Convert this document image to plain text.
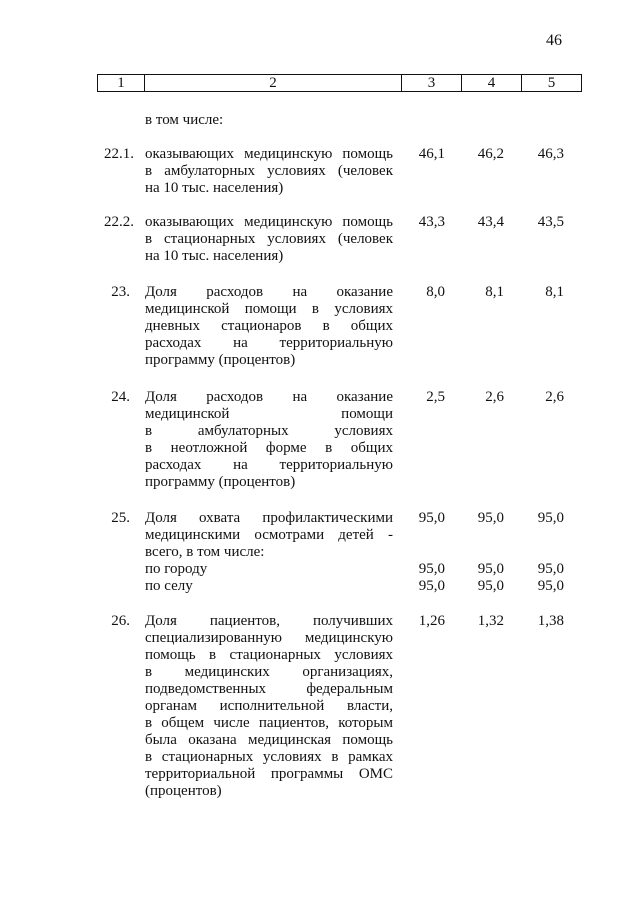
46
1	2	3	4	5
в том числе:
22.1. оказывающих медицинскую помощь
в амбулаторных условиях (человек
на 10 тыс. населения)
46,1	46,2	46,3
22.2. оказывающих медицинскую помощь
в стационарных условиях (человек
на 10 тыс. населения)
43,3	43,4	43,5
23. Доля расходов на оказание
медицинской помощи в условиях
дневных стационаров в общих
расходах на территориальную
программу (процентов)
8,0	8,1	8,1
24. Доля расходов на оказание
медицинской помощи
в амбулаторных условиях
в неотложной форме в общих
расходах на территориальную
программу (процентов)
2,5	2,6	2,6
25. Доля охвата профилактическими
медицинскими осмотрами детей -
всего, в том числе:
95,0	95,0	95,0
по городу	95,0	95,0	95,0
по селу	95,0	95,0	95,0
26. Доля пациентов, получивших
специализированную медицинскую
помощь в стационарных условиях
в медицинских организациях,
подведомственных федеральным
органам исполнительной власти,
в общем числе пациентов, которым
была оказана медицинская помощь
в стационарных условиях в рамках
территориальной программы ОМС
(процентов)
1,26	1,32	1,38
